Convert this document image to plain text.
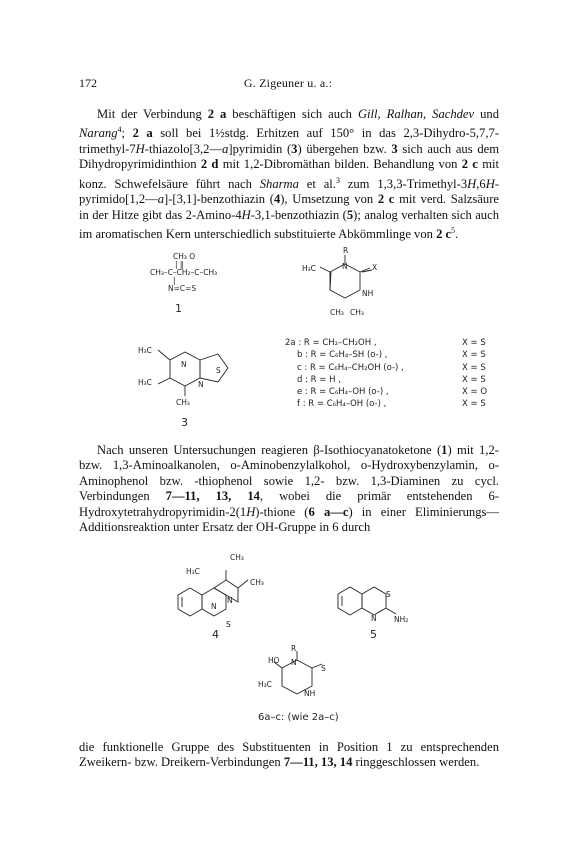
172	G. Zigeuner u. a.:

Mit der Verbindung 2 a beschäftigen sich auch Gill, Ralhan, Sachdev und Narang$^4$; 2 a soll bei 1½stdg. Erhitzen auf 150° in das 2,3-Dihydro-5,7,7-trimethyl-7H-thiazolo[3,2—a]pyrimidin (3) übergehen bzw. 3 sich auch aus dem Dihydropyrimidinthion 2 d mit 1,2-Dibromäthan bilden. Behandlung von 2 c mit konz. Schwefelsäure führt nach Sharma et al.$^3$ zum 1,3,3-Trimethyl-3H,6H-pyrimido[1,2—a]-[3,1]-benzothiazin (4), Umsetzung von 2 c mit verd. Salzsäure in der Hitze gibt das 2-Amino-4H-3,1-benzothiazin (5); analog verhalten sich auch im aromatischen Kern unterschiedlich substituierte Abkömmlinge von 2 $c^5$.

CH₃ O
| ‖
CH₃–C–CH₂–C–CH₃
|
N=C=S
1
R
N	X
NH
H₃C
CH₃ CH₃
2a : R = CH₂–CH₂OH ,	X = S
b : R = C₆H₄–SH (o-) ,	X = S
c : R = C₆H₄–CH₂OH (o-) ,	X = S
d : R = H ,	X = S
e : R = C₆H₄–OH (o-) ,	X = O
f : R = C₆H₄–OH (o-) ,	X = S
H₃C
H₃C
CH₃
N
N
S
3

Nach unseren Untersuchungen reagieren β-Isothiocyanatoketone (1) mit 1,2- bzw. 1,3-Aminoalkanolen, o-Aminobenzylalkohol, o-Hydroxybenzylamin, o-Aminophenol bzw. -thiophenol sowie 1,2- bzw. 1,3-Diaminen zu cycl. Verbindungen 7—11, 13, 14, wobei die primär entstehenden 6-Hydroxytetrahydropyrimidin-2(1H)-thione (6 a—c) in einer Eliminierungs—Additionsreaktion unter Ersatz der OH-Gruppe in 6 durch

CH₃
H₃C
CH₃
N
N
S
4
S
N NH₂
5
R
HO N
S
H₃C
NH
6a–c: (wie 2a–c)

die funktionelle Gruppe des Substituenten in Position 1 zu entsprechenden Zweikern- bzw. Dreikern-Verbindungen 7—11, 13, 14 ringgeschlossen werden.
